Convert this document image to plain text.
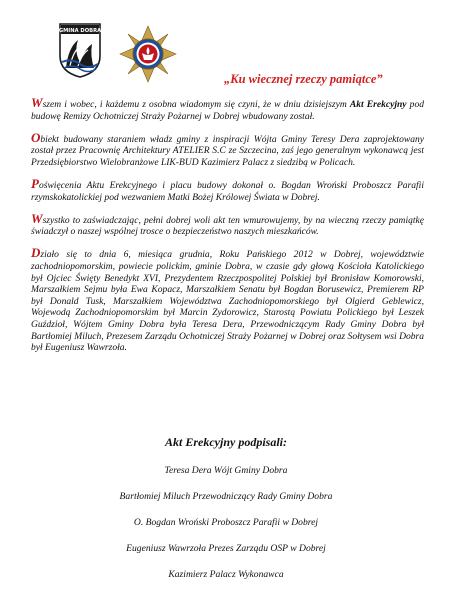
GMINA DOBRA
„Ku wiecznej rzeczy pamiątce”

Wszem i wobec, i każdemu z osobna wiadomym się czyni, że w dniu dzisiejszym Akt Erekcyjny pod budowę Remizy Ochotniczej Straży Pożarnej w Dobrej wbudowany został.

Obiekt budowany staraniem władz gminy z inspiracji Wójta Gminy Teresy Dera zaprojektowany został przez Pracownię Architektury ATELIER S.C ze Szczecina, zaś jego generalnym wykonawcą jest Przedsiębiorstwo Wielobranżowe LIK-BUD Kazimierz Palacz z siedzibą w Policach.

Poświęcenia Aktu Erekcyjnego i placu budowy dokonał o. Bogdan Wroński Proboszcz Parafii rzymskokatolickiej pod wezwaniem Matki Bożej Królowej Świata w Dobrej.

Wszystko to zaświadczając, pełni dobrej woli akt ten wmurowujemy, by na wieczną rzeczy pamiątkę świadczył o naszej wspólnej trosce o bezpieczeństwo naszych mieszkańców.

Działo się to dnia 6, miesiąca grudnia, Roku Pańskiego 2012 w Dobrej, województwie zachodniopomorskim, powiecie polickim, gminie Dobra, w czasie gdy głową Kościoła Katolickiego był Ojciec Święty Benedykt XVI, Prezydentem Rzeczpospolitej Polskiej był Bronisław Komorowski, Marszałkiem Sejmu była Ewa Kopacz, Marszałkiem Senatu był Bogdan Borusewicz, Premierem RP był Donald Tusk, Marszałkiem Województwa Zachodniopomorskiego był Olgierd Geblewicz, Wojewodą Zachodniopomorskim był Marcin Zydorowicz, Starostą Powiatu Polickiego był Leszek Guździoł, Wójtem Gminy Dobra była Teresa Dera, Przewodniczącym Rady Gminy Dobra był Bartłomiej Miluch, Prezesem Zarządu Ochotniczej Straży Pożarnej w Dobrej oraz Sołtysem wsi Dobra był Eugeniusz Wawrzoła.

Akt Erekcyjny podpisali:
Teresa Dera Wójt Gminy Dobra
Bartłomiej Miluch Przewodniczący Rady Gminy Dobra
O. Bogdan Wroński Proboszcz Parafii w Dobrej
Eugeniusz Wawrzoła Prezes Zarządu OSP w Dobrej
Kazimierz Palacz Wykonawca
